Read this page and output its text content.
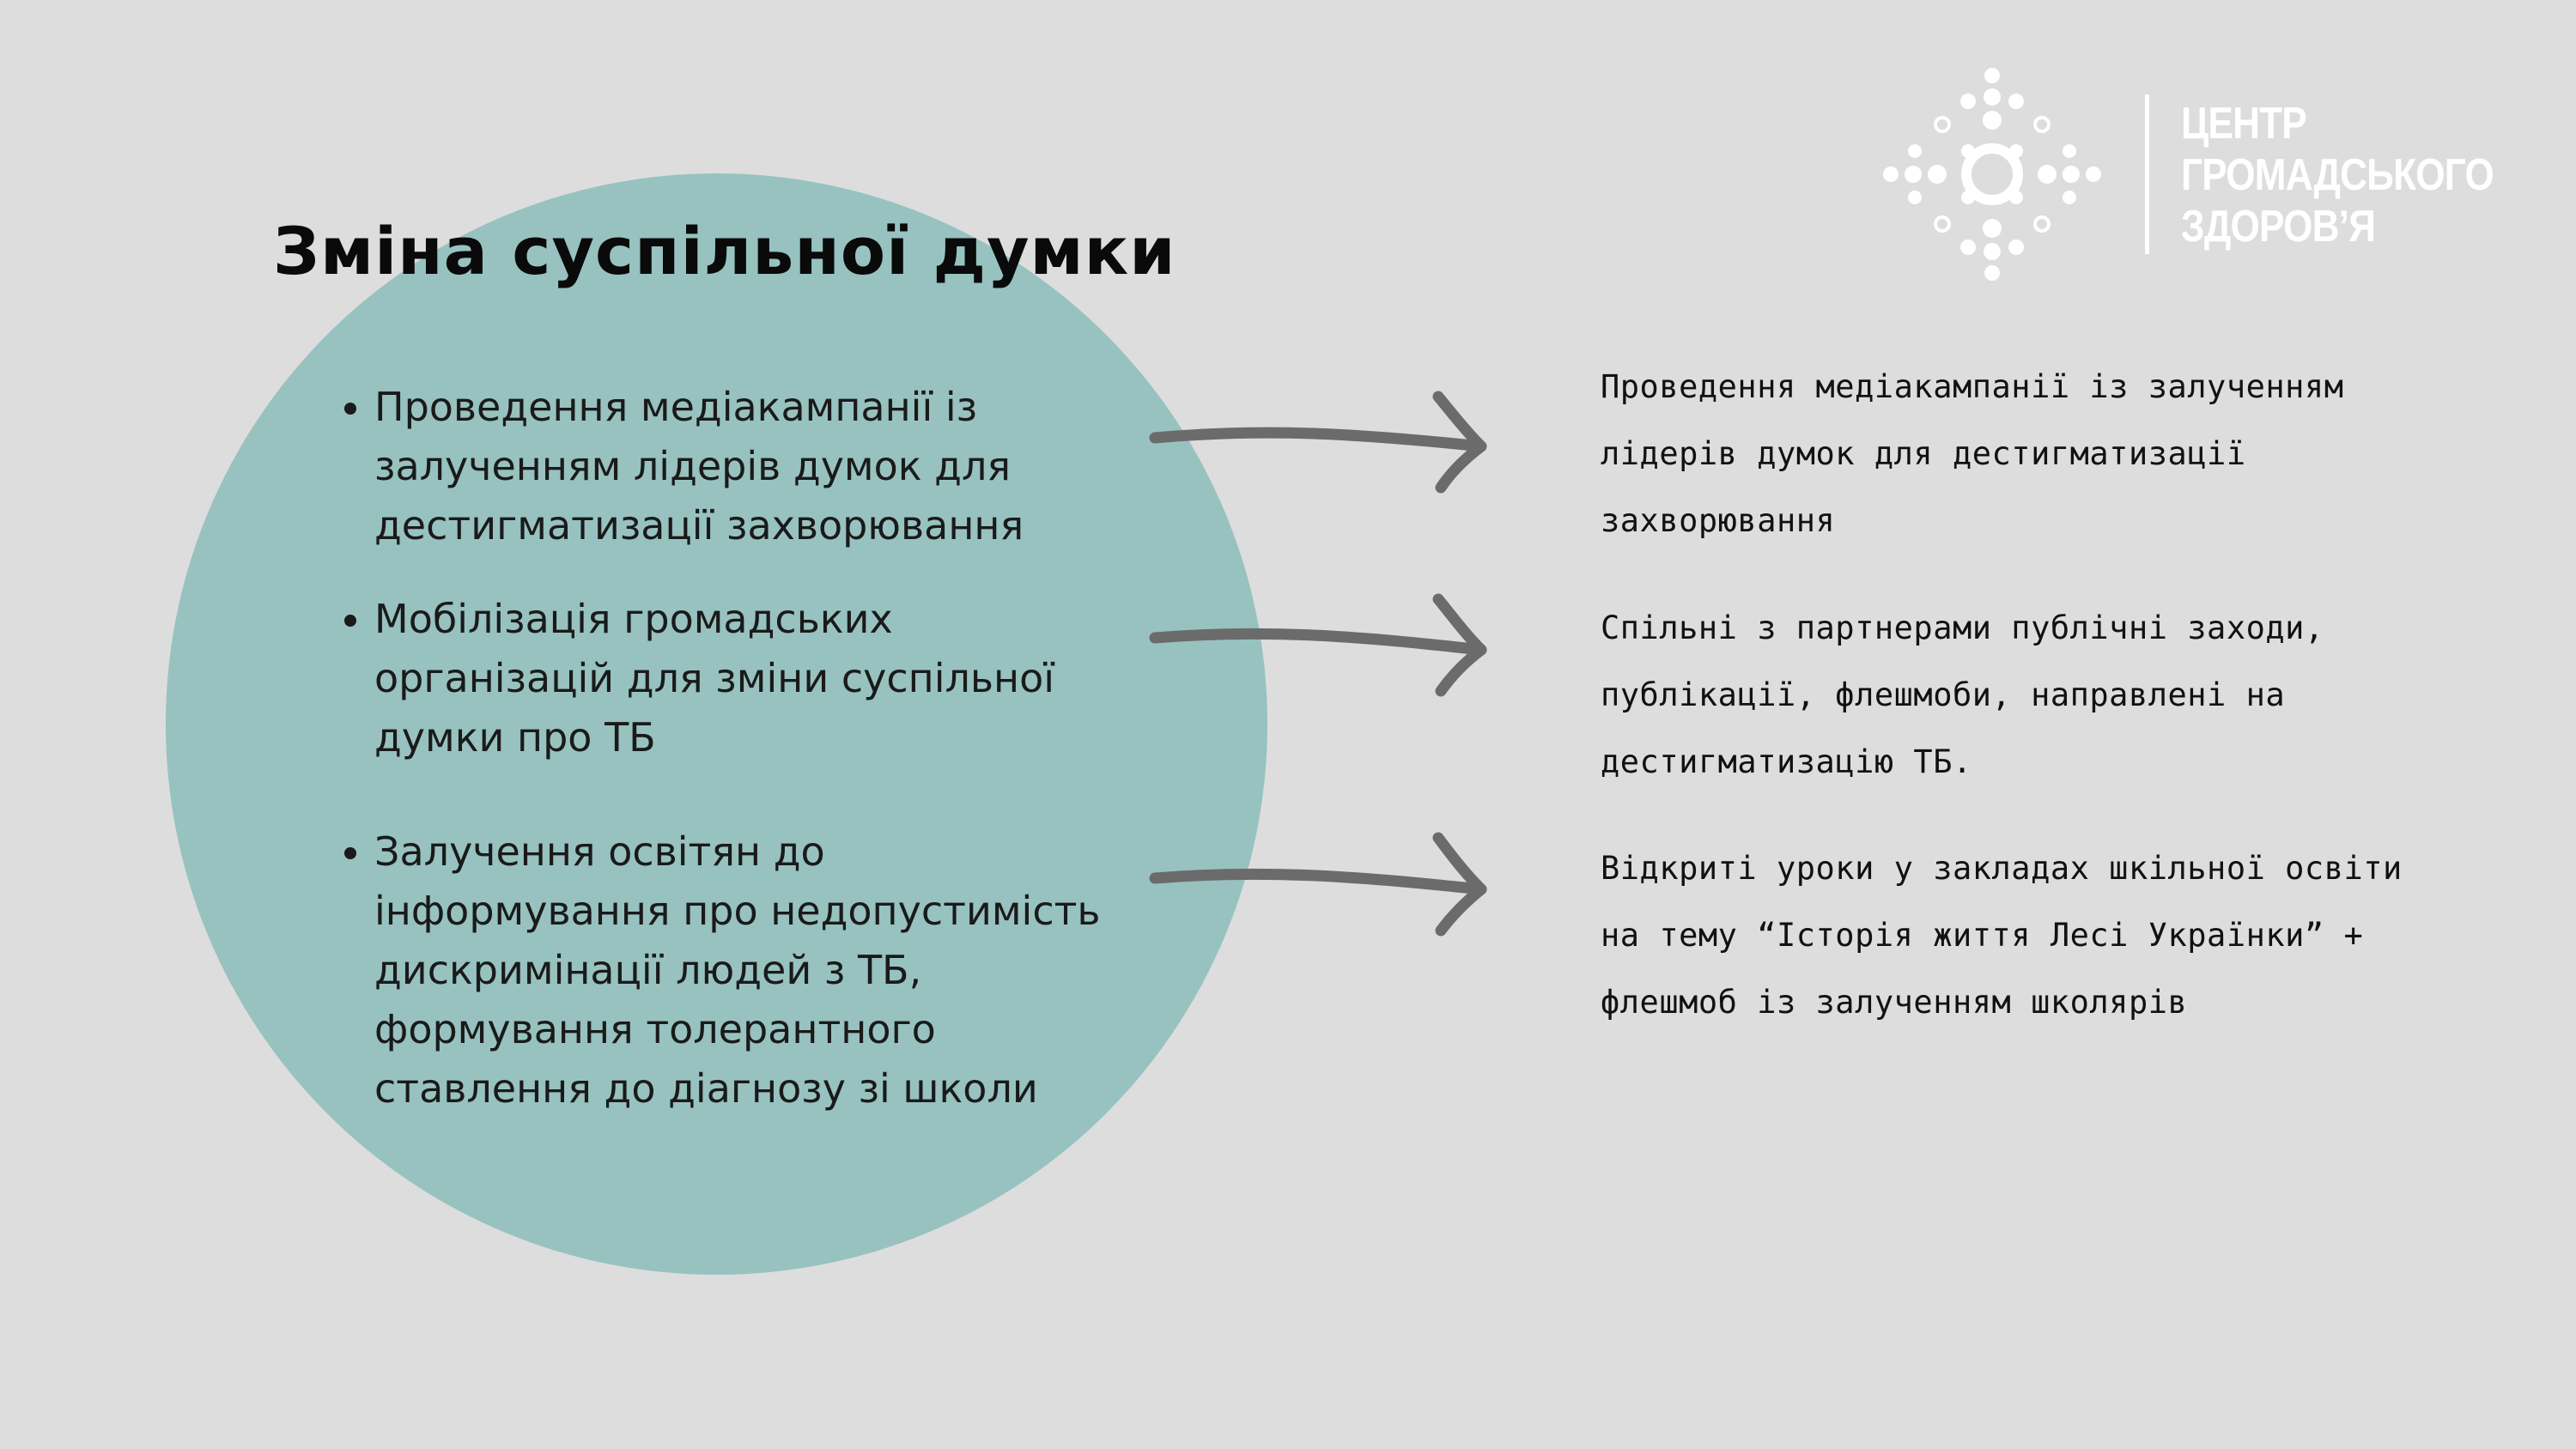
Зміна суспільної думки
• Проведення медіакампанії із
залученням лідерів думок для
дестигматизації захворювання
• Мобілізація громадських
організацій для зміни суспільної
думки про ТБ
• Залучення освітян до
інформування про недопустимість
дискримінації людей з ТБ,
формування толерантного
ставлення до діагнозу зі школи
Проведення медіакампанії із залученням
лідерів думок для дестигматизації
захворювання
Спільні з партнерами публічні заходи,
публікації, флешмоби, направлені на
дестигматизацію ТБ.
Відкриті уроки у закладах шкільної освіти
на тему “Історія життя Лесі Українки” +
флешмоб із залученням школярів
ЦЕНТР
ГРОМАДСЬКОГО
ЗДОРОВ’Я
